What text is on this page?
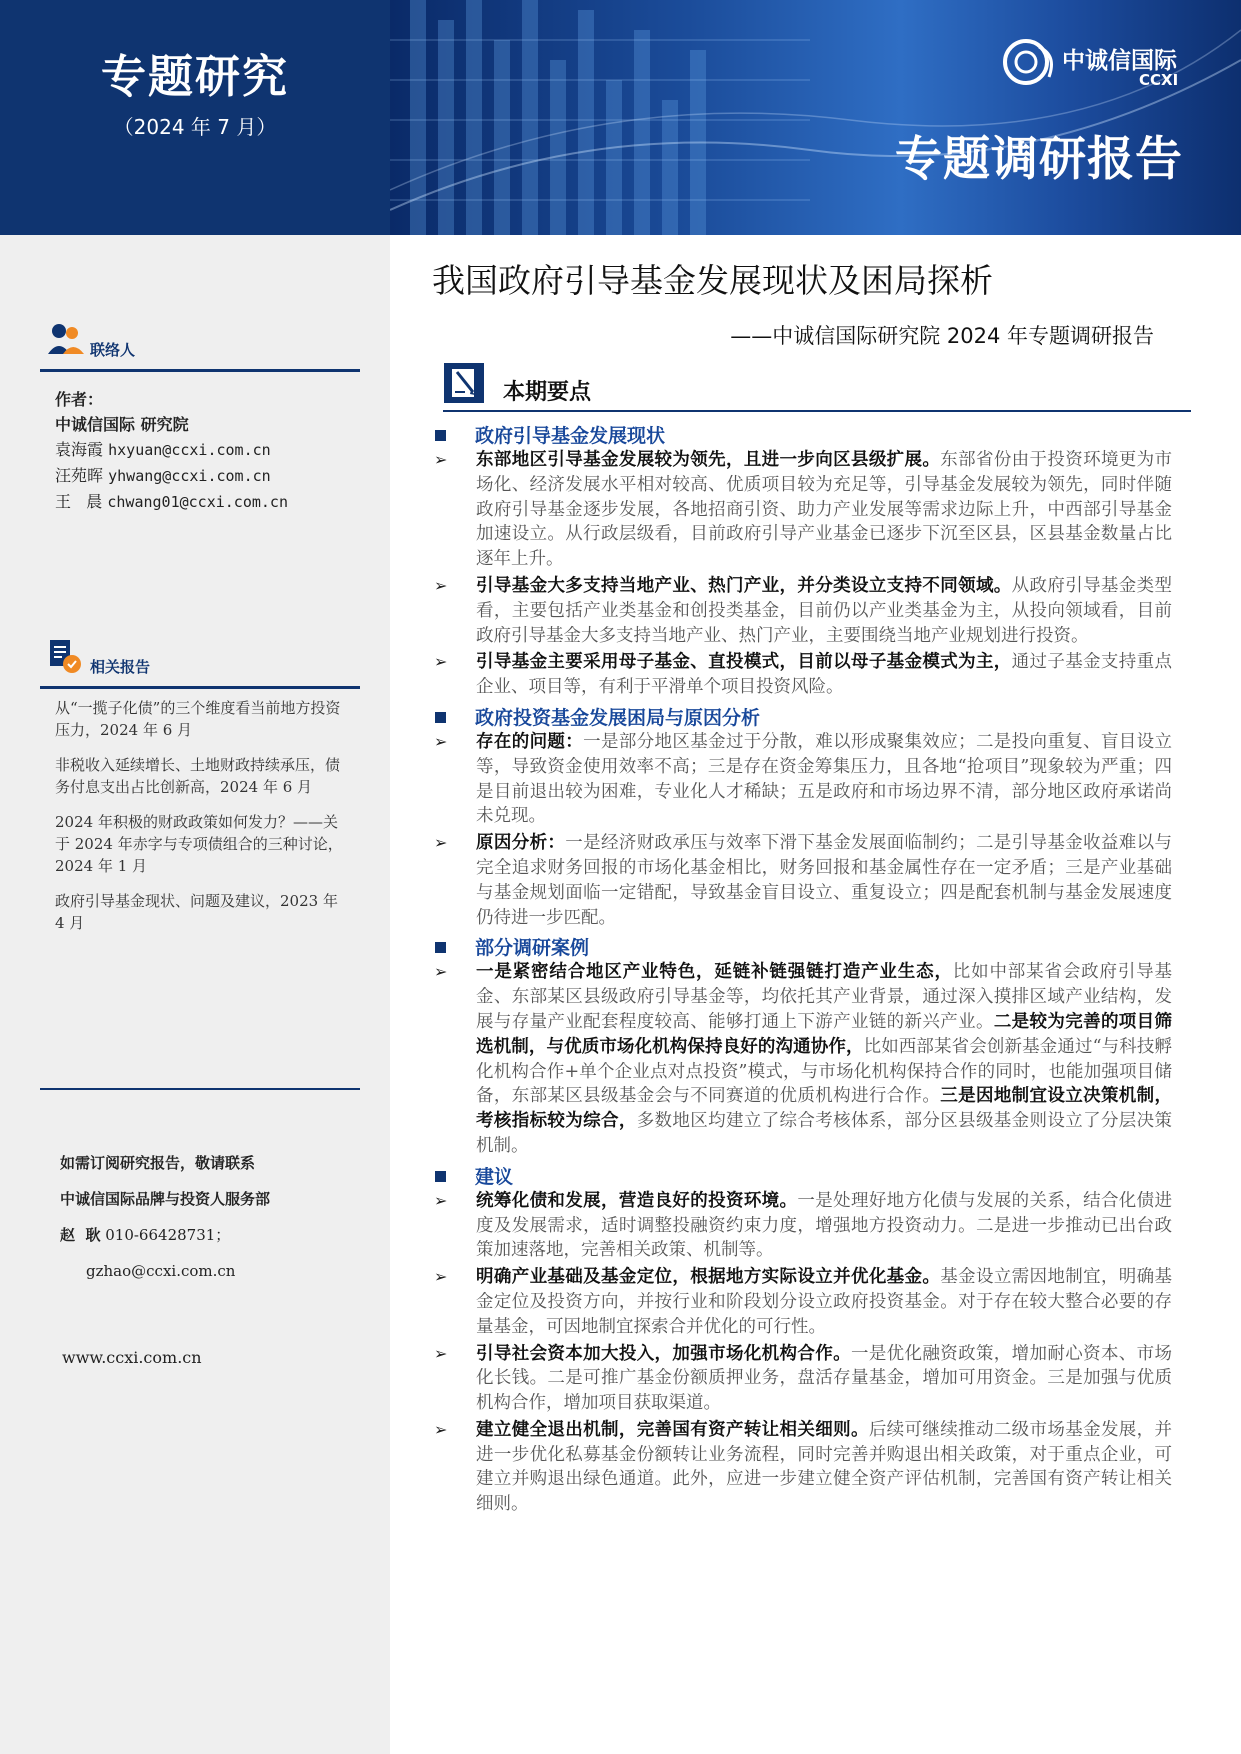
专题研究
（2024 年 7 月）
中诚信国际
CCXI
专题调研报告
联络人
作者：
中诚信国际 研究院
袁海霞 hxyuan@ccxi.com.cn
汪苑晖 yhwang@ccxi.com.cn
王   晨 chwang01@ccxi.com.cn
相关报告
从“一揽子化债”的三个维度看当前地方投资压力，2024 年 6 月
非税收入延续增长、土地财政持续承压，债务付息支出占比创新高，2024 年 6 月
2024 年积极的财政政策如何发力？——关于 2024 年赤字与专项债组合的三种讨论，2024 年 1 月
政府引导基金现状、问题及建议，2023 年 4 月
如需订阅研究报告，敬请联系
中诚信国际品牌与投资人服务部
赵  耿 010-66428731；
gzhao@ccxi.com.cn
www.ccxi.com.cn
我国政府引导基金发展现状及困局探析
——中诚信国际研究院 2024 年专题调研报告
本期要点
政府引导基金发展现状
➢ 东部地区引导基金发展较为领先，且进一步向区县级扩展。东部省份由于投资环境更为市场化、经济发展水平相对较高、优质项目较为充足等，引导基金发展较为领先，同时伴随政府引导基金逐步发展，各地招商引资、助力产业发展等需求边际上升，中西部引导基金加速设立。从行政层级看，目前政府引导产业基金已逐步下沉至区县，区县基金数量占比逐年上升。
➢ 引导基金大多支持当地产业、热门产业，并分类设立支持不同领域。从政府引导基金类型看，主要包括产业类基金和创投类基金，目前仍以产业类基金为主，从投向领域看，目前政府引导基金大多支持当地产业、热门产业，主要围绕当地产业规划进行投资。
➢ 引导基金主要采用母子基金、直投模式，目前以母子基金模式为主，通过子基金支持重点企业、项目等，有利于平滑单个项目投资风险。
政府投资基金发展困局与原因分析
➢ 存在的问题：一是部分地区基金过于分散，难以形成聚集效应；二是投向重复、盲目设立等，导致资金使用效率不高；三是存在资金筹集压力，且各地“抢项目”现象较为严重；四是目前退出较为困难，专业化人才稀缺；五是政府和市场边界不清，部分地区政府承诺尚未兑现。
➢ 原因分析：一是经济财政承压与效率下滑下基金发展面临制约；二是引导基金收益难以与完全追求财务回报的市场化基金相比，财务回报和基金属性存在一定矛盾；三是产业基础与基金规划面临一定错配，导致基金盲目设立、重复设立；四是配套机制与基金发展速度仍待进一步匹配。
部分调研案例
➢ 一是紧密结合地区产业特色，延链补链强链打造产业生态，比如中部某省会政府引导基金、东部某区县级政府引导基金等，均依托其产业背景，通过深入摸排区域产业结构，发展与存量产业配套程度较高、能够打通上下游产业链的新兴产业。二是较为完善的项目筛选机制，与优质市场化机构保持良好的沟通协作，比如西部某省会创新基金通过“与科技孵化机构合作+单个企业点对点投资”模式，与市场化机构保持合作的同时，也能加强项目储备，东部某区县级基金会与不同赛道的优质机构进行合作。三是因地制宜设立决策机制，考核指标较为综合，多数地区均建立了综合考核体系，部分区县级基金则设立了分层决策机制。
建议
➢ 统筹化债和发展，营造良好的投资环境。一是处理好地方化债与发展的关系，结合化债进度及发展需求，适时调整投融资约束力度，增强地方投资动力。二是进一步推动已出台政策加速落地，完善相关政策、机制等。
➢ 明确产业基础及基金定位，根据地方实际设立并优化基金。基金设立需因地制宜，明确基金定位及投资方向，并按行业和阶段划分设立政府投资基金。对于存在较大整合必要的存量基金，可因地制宜探索合并优化的可行性。
➢ 引导社会资本加大投入，加强市场化机构合作。一是优化融资政策，增加耐心资本、市场化长钱。二是可推广基金份额质押业务，盘活存量基金，增加可用资金。三是加强与优质机构合作，增加项目获取渠道。
➢ 建立健全退出机制，完善国有资产转让相关细则。后续可继续推动二级市场基金发展，并进一步优化私募基金份额转让业务流程，同时完善并购退出相关政策，对于重点企业，可建立并购退出绿色通道。此外，应进一步建立健全资产评估机制，完善国有资产转让相关细则。
